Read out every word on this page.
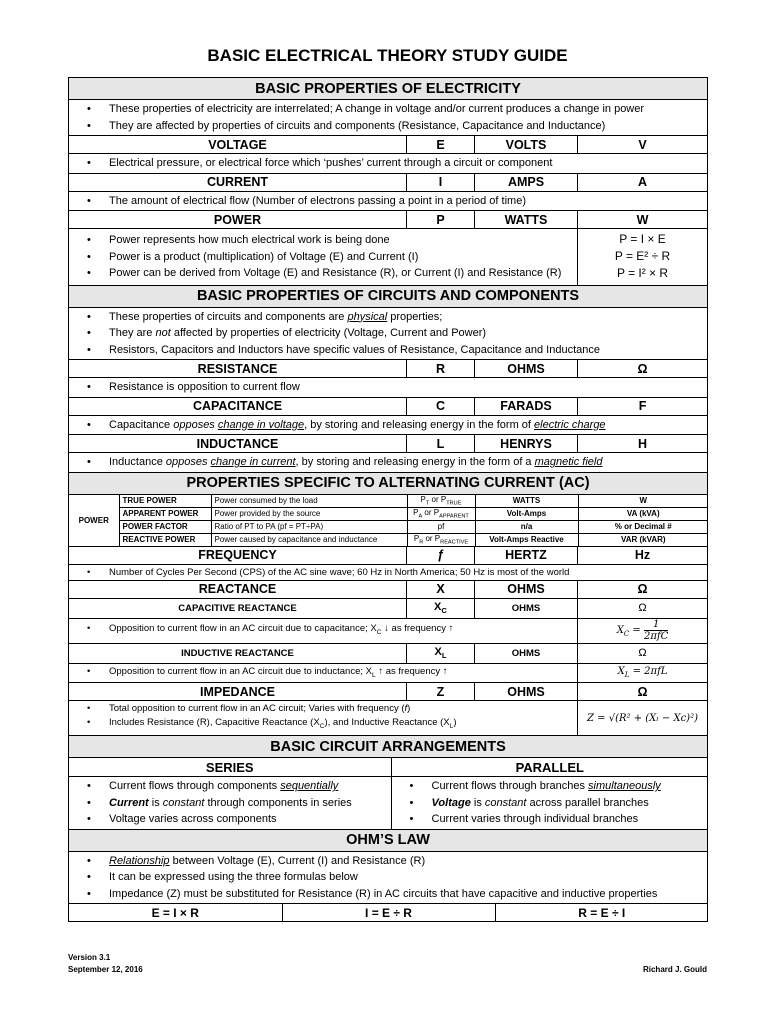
BASIC ELECTRICAL THEORY STUDY GUIDE
BASIC PROPERTIES OF ELECTRICITY

• These properties of electricity are interrelated; A change in voltage and/or current produces a change in power
• They are affected by properties of circuits and components (Resistance, Capacitance and Inductance)

VOLTAGE	E	VOLTS	V

• Electrical pressure, or electrical force which ‘pushes’ current through a circuit or component

CURRENT	I	AMPS	A

• The amount of electrical flow (Number of electrons passing a point in a period of time)

POWER	P	WATTS	W

• Power represents how much electrical work is being done
• Power is a product (multiplication) of Voltage (E) and Current (I)
• Power can be derived from Voltage (E) and Resistance (R), or Current (I) and Resistance (R)

P = I × E
P = E² ÷ R
P = I² × R

BASIC PROPERTIES OF CIRCUITS AND COMPONENTS

• These properties of circuits and components are physical properties;
• They are not affected by properties of electricity (Voltage, Current and Power)
• Resistors, Capacitors and Inductors have specific values of Resistance, Capacitance and Inductance

RESISTANCE	R	OHMS	Ω

• Resistance is opposition to current flow

CAPACITANCE	C	FARADS	F

• Capacitance opposes change in voltage, by storing and releasing energy in the form of electric charge

INDUCTANCE	L	HENRYS	H

• Inductance opposes change in current, by storing and releasing energy in the form of a magnetic field

PROPERTIES SPECIFIC TO ALTERNATING CURRENT (AC)

POWER	TRUE POWER	Power consumed by the load	$P_T$ or $P_{TRUE}$	WATTS	W
APPARENT POWER	Power provided by the source	$P_A$ or $P_{APPARENT}$	Volt-Amps	VA (kVA)
POWER FACTOR	Ratio of PT to PA (pf = PT÷PA)	pf	n/a	% or Decimal #
REACTIVE POWER	Power caused by capacitance and inductance	$P_R$ or $P_{REACTIVE}$	Volt-Amps Reactive	VAR (kVAR)

FREQUENCY	ƒ	HERTZ	Hz

• Number of Cycles Per Second (CPS) of the AC sine wave; 60 Hz in North America; 50 Hz is most of the world

REACTANCE	X	OHMS	Ω
CAPACITIVE REACTANCE	$X_C$	OHMS	Ω

• Opposition to current flow in an AC circuit due to capacitance; $X_C$ ↓ as frequency ↑	$X_C$ =
1
2πfC

INDUCTIVE REACTANCE	$X_L$	OHMS	Ω

• Opposition to current flow in an AC circuit due to inductance; $X_L$ ↑ as frequency ↑	$X_L = 2\pi fL$
IMPEDANCE	Z	OHMS	Ω

• Total opposition to current flow in an AC circuit; Varies with frequency (f)
• Includes Resistance (R), Capacitive Reactance $(X_C)$, and Inductive Reactance $(X_L)$	Z = √(R² + (Xₗ − Xᴄ)²)
BASIC CIRCUIT ARRANGEMENTS

SERIES	PARALLEL

• Current flows through components sequentially
• Current is constant through components in series
• Voltage varies across components

• Current flows through branches simultaneously
• Voltage is constant across parallel branches
• Current varies through individual branches

OHM’S LAW

• Relationship between Voltage (E), Current (I) and Resistance (R)
• It can be expressed using the three formulas below
• Impedance (Z) must be substituted for Resistance (R) in AC circuits that have capacitive and inductive properties

E = I × R	I = E ÷ R	R = E ÷ I
Version 3.1
September 12, 2016	Richard J. Gould
